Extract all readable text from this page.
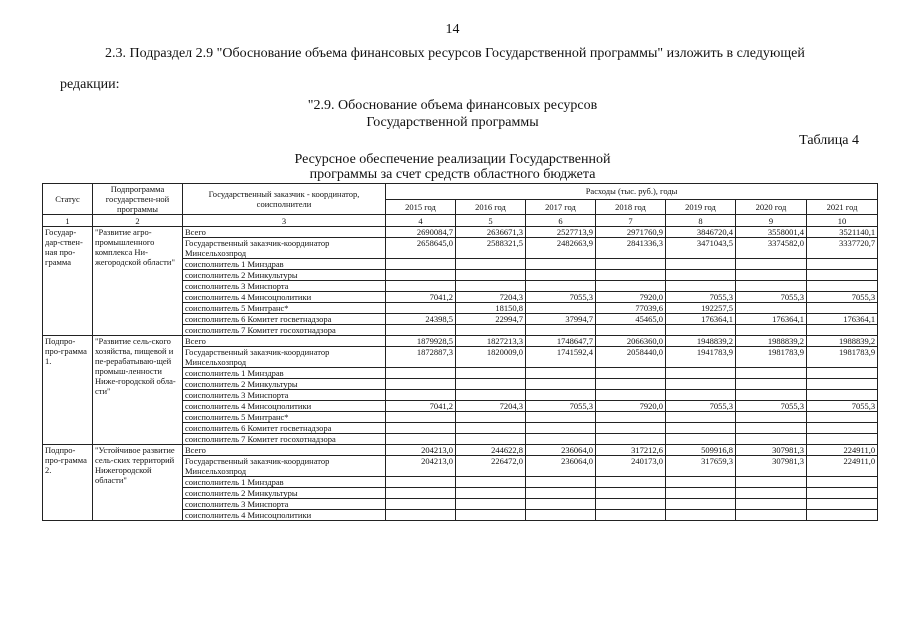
14
2.3. Подраздел 2.9 "Обоснование объема финансовых ресурсов Государственной программы" изложить в следующей
редакции:
"2.9. Обоснование объема финансовых ресурсов
Государственной программы
Таблица 4
Ресурсное обеспечение реализации Государственной
программы за счет средств областного бюджета
Статус	Подпрограмма государствен-ной программы	Государственный заказчик - координатор, соисполнители	Расходы (тыс. руб.), годы						
			2015 год	2016 год	2017 год	2018 год	2019 год	2020 год	2021 год
1	2	3	4	5	6	7	8	9	10
Государ-дар-ствен-ная про-грамма	"Развитие агро-промышленного комплекса Ни-жегородской области"	Всего	2690084,7	2636671,3	2527713,9	2971760,9	3846720,4	3558001,4	3521140,1
		Государственный заказчик-координатор Минсельхозпрод	2658645,0	2588321,5	2482663,9	2841336,3	3471043,5	3374582,0	3337720,7
		соисполнитель 1 Минздрав							
		соисполнитель 2 Минкультуры							
		соисполнитель 3 Минспорта							
		соисполнитель 4 Минсоцполитики	7041,2	7204,3	7055,3	7920,0	7055,3	7055,3	7055,3
		соисполнитель 5 Минтранс*		18150,8		77039,6	192257,5		
		соисполнитель 6 Комитет госветнадзора	24398,5	22994,7	37994,7	45465,0	176364,1	176364,1	176364,1
		соисполнитель 7 Комитет госохотнадзора							
Подпро-про-грамма 1.	"Развитие сель-ского хозяйства, пищевой и пе-рерабатываю-щей промыш-ленности Ниже-городской обла-сти"	Всего	1879928,5	1827213,3	1748647,7	2066360,0	1948839,2	1988839,2	1988839,2
		Государственный заказчик-координатор Минсельхозпрод	1872887,3	1820009,0	1741592,4	2058440,0	1941783,9	1981783,9	1981783,9
		соисполнитель 1 Минздрав							
		соисполнитель 2 Минкультуры							
		соисполнитель 3 Минспорта							
		соисполнитель 4 Минсоцполитики	7041,2	7204,3	7055,3	7920,0	7055,3	7055,3	7055,3
		соисполнитель 5 Минтранс*							
		соисполнитель 6 Комитет госветнадзора							
		соисполнитель 7 Комитет госохотнадзора							
Подпро-про-грамма 2.	"Устойчивое развитие сель-ских территорий Нижегородской области"	Всего	204213,0	244622,8	236064,0	317212,6	509916,8	307981,3	224911,0
		Государственный заказчик-координатор Минсельхозпрод	204213,0	226472,0	236064,0	240173,0	317659,3	307981,3	224911,0
		соисполнитель 1 Минздрав							
		соисполнитель 2 Минкультуры							
		соисполнитель 3 Минспорта							
		соисполнитель 4 Минсоцполитики							
